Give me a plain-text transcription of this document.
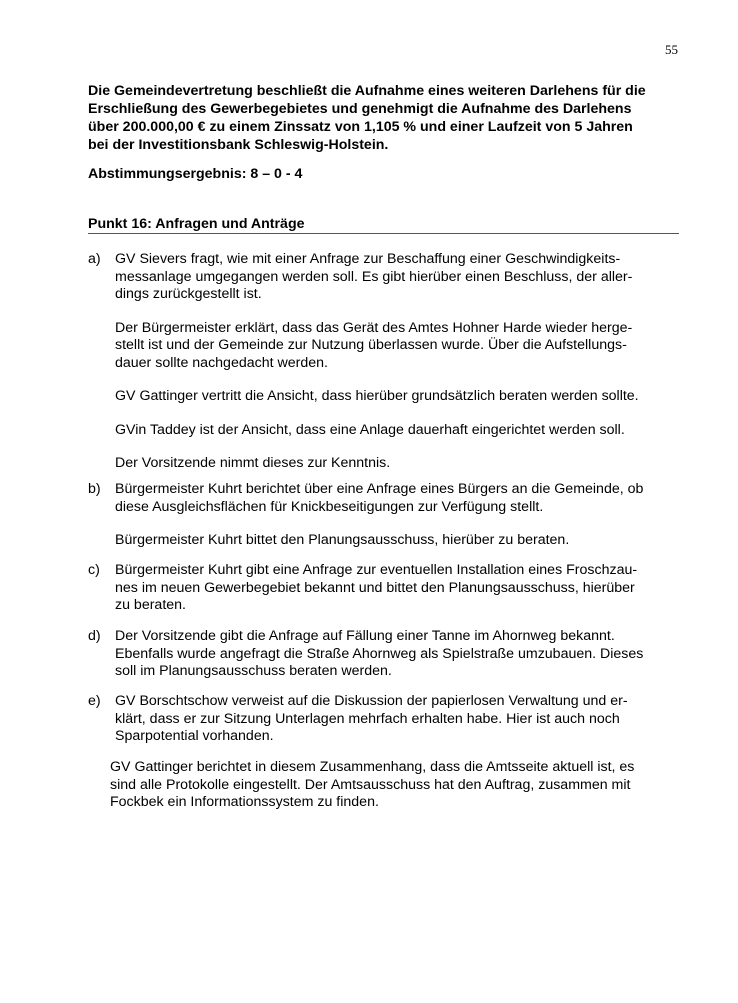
55
Die Gemeindevertretung beschließt die Aufnahme eines weiteren Darlehens für die
Erschließung des Gewerbegebietes und genehmigt die Aufnahme des Darlehens
über 200.000,00 € zu einem Zinssatz von 1,105 % und einer Laufzeit von 5 Jahren
bei der Investitionsbank Schleswig-Holstein.
Abstimmungsergebnis: 8 – 0 - 4
Punkt 16: Anfragen und Anträge
a) GV Sievers fragt, wie mit einer Anfrage zur Beschaffung einer Geschwindigkeits-
messanlage umgegangen werden soll. Es gibt hierüber einen Beschluss, der aller-
dings zurückgestellt ist.
Der Bürgermeister erklärt, dass das Gerät des Amtes Hohner Harde wieder herge-
stellt ist und der Gemeinde zur Nutzung überlassen wurde. Über die Aufstellungs-
dauer sollte nachgedacht werden.
GV Gattinger vertritt die Ansicht, dass hierüber grundsätzlich beraten werden sollte.
GVin Taddey ist der Ansicht, dass eine Anlage dauerhaft eingerichtet werden soll.
Der Vorsitzende nimmt dieses zur Kenntnis.
b) Bürgermeister Kuhrt berichtet über eine Anfrage eines Bürgers an die Gemeinde, ob
diese Ausgleichsflächen für Knickbeseitigungen zur Verfügung stellt.
Bürgermeister Kuhrt bittet den Planungsausschuss, hierüber zu beraten.
c) Bürgermeister Kuhrt gibt eine Anfrage zur eventuellen Installation eines Froschzau-
nes im neuen Gewerbegebiet bekannt und bittet den Planungsausschuss, hierüber
zu beraten.
d) Der Vorsitzende gibt die Anfrage auf Fällung einer Tanne im Ahornweg bekannt.
Ebenfalls wurde angefragt die Straße Ahornweg als Spielstraße umzubauen. Dieses
soll im Planungsausschuss beraten werden.
e) GV Borschtschow verweist auf die Diskussion der papierlosen Verwaltung und er-
klärt, dass er zur Sitzung Unterlagen mehrfach erhalten habe. Hier ist auch noch
Sparpotential vorhanden.
GV Gattinger berichtet in diesem Zusammenhang, dass die Amtsseite aktuell ist, es
sind alle Protokolle eingestellt. Der Amtsausschuss hat den Auftrag, zusammen mit
Fockbek ein Informationssystem zu finden.
